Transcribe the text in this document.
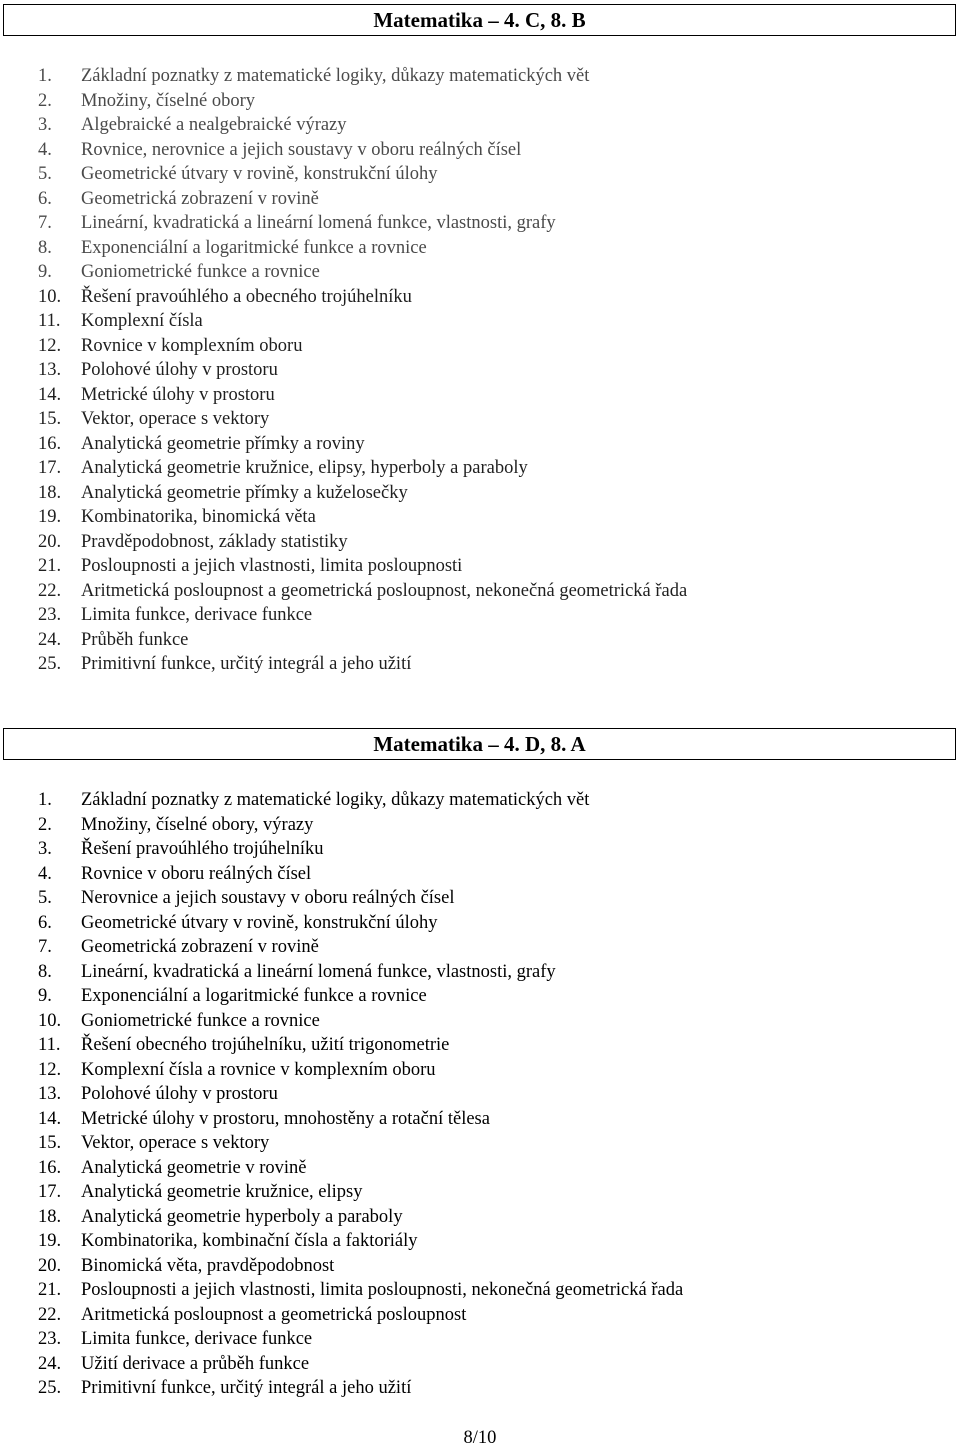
Matematika – 4. C, 8. B
1.	Základní poznatky z matematické logiky, důkazy matematických vět
2.	Množiny, číselné obory
3.	Algebraické a nealgebraické výrazy
4.	Rovnice, nerovnice a jejich soustavy v oboru reálných čísel
5.	Geometrické útvary v rovině, konstrukční úlohy
6.	Geometrická zobrazení v rovině
7.	Lineární, kvadratická a lineární lomená funkce, vlastnosti, grafy
8.	Exponenciální a logaritmické funkce a rovnice
9.	Goniometrické funkce a rovnice
10.	Řešení pravoúhlého a obecného trojúhelníku
11.	Komplexní čísla
12.	Rovnice v komplexním oboru
13.	Polohové úlohy v prostoru
14.	Metrické úlohy v prostoru
15.	Vektor, operace s vektory
16.	Analytická geometrie přímky a roviny
17.	Analytická geometrie kružnice, elipsy, hyperboly a paraboly
18.	Analytická geometrie přímky a kuželosečky
19.	Kombinatorika, binomická věta
20.	Pravděpodobnost, základy statistiky
21.	Posloupnosti a jejich vlastnosti, limita posloupnosti
22.	Aritmetická posloupnost a geometrická posloupnost, nekonečná geometrická řada
23.	Limita funkce, derivace funkce
24.	Průběh funkce
25.	Primitivní funkce, určitý integrál a jeho užití
Matematika – 4. D, 8. A
1.	Základní poznatky z matematické logiky, důkazy matematických vět
2.	Množiny, číselné obory, výrazy
3.	Řešení pravoúhlého trojúhelníku
4.	Rovnice v oboru reálných čísel
5.	Nerovnice a jejich soustavy v oboru reálných čísel
6.	Geometrické útvary v rovině, konstrukční úlohy
7.	Geometrická zobrazení v rovině
8.	Lineární, kvadratická a lineární lomená funkce, vlastnosti, grafy
9.	Exponenciální a logaritmické funkce a rovnice
10.	Goniometrické funkce a rovnice
11.	Řešení obecného trojúhelníku, užití trigonometrie
12.	Komplexní čísla a rovnice v komplexním oboru
13.	Polohové úlohy v prostoru
14.	Metrické úlohy v prostoru, mnohostěny a rotační tělesa
15.	Vektor, operace s vektory
16.	Analytická geometrie v rovině
17.	Analytická geometrie kružnice, elipsy
18.	Analytická geometrie hyperboly a paraboly
19.	Kombinatorika, kombinační čísla a faktoriály
20.	Binomická věta, pravděpodobnost
21.	Posloupnosti a jejich vlastnosti, limita posloupnosti, nekonečná geometrická řada
22.	Aritmetická posloupnost a geometrická posloupnost
23.	Limita funkce, derivace funkce
24.	Užití derivace a průběh funkce
25.	Primitivní funkce, určitý integrál a jeho užití
8/10
